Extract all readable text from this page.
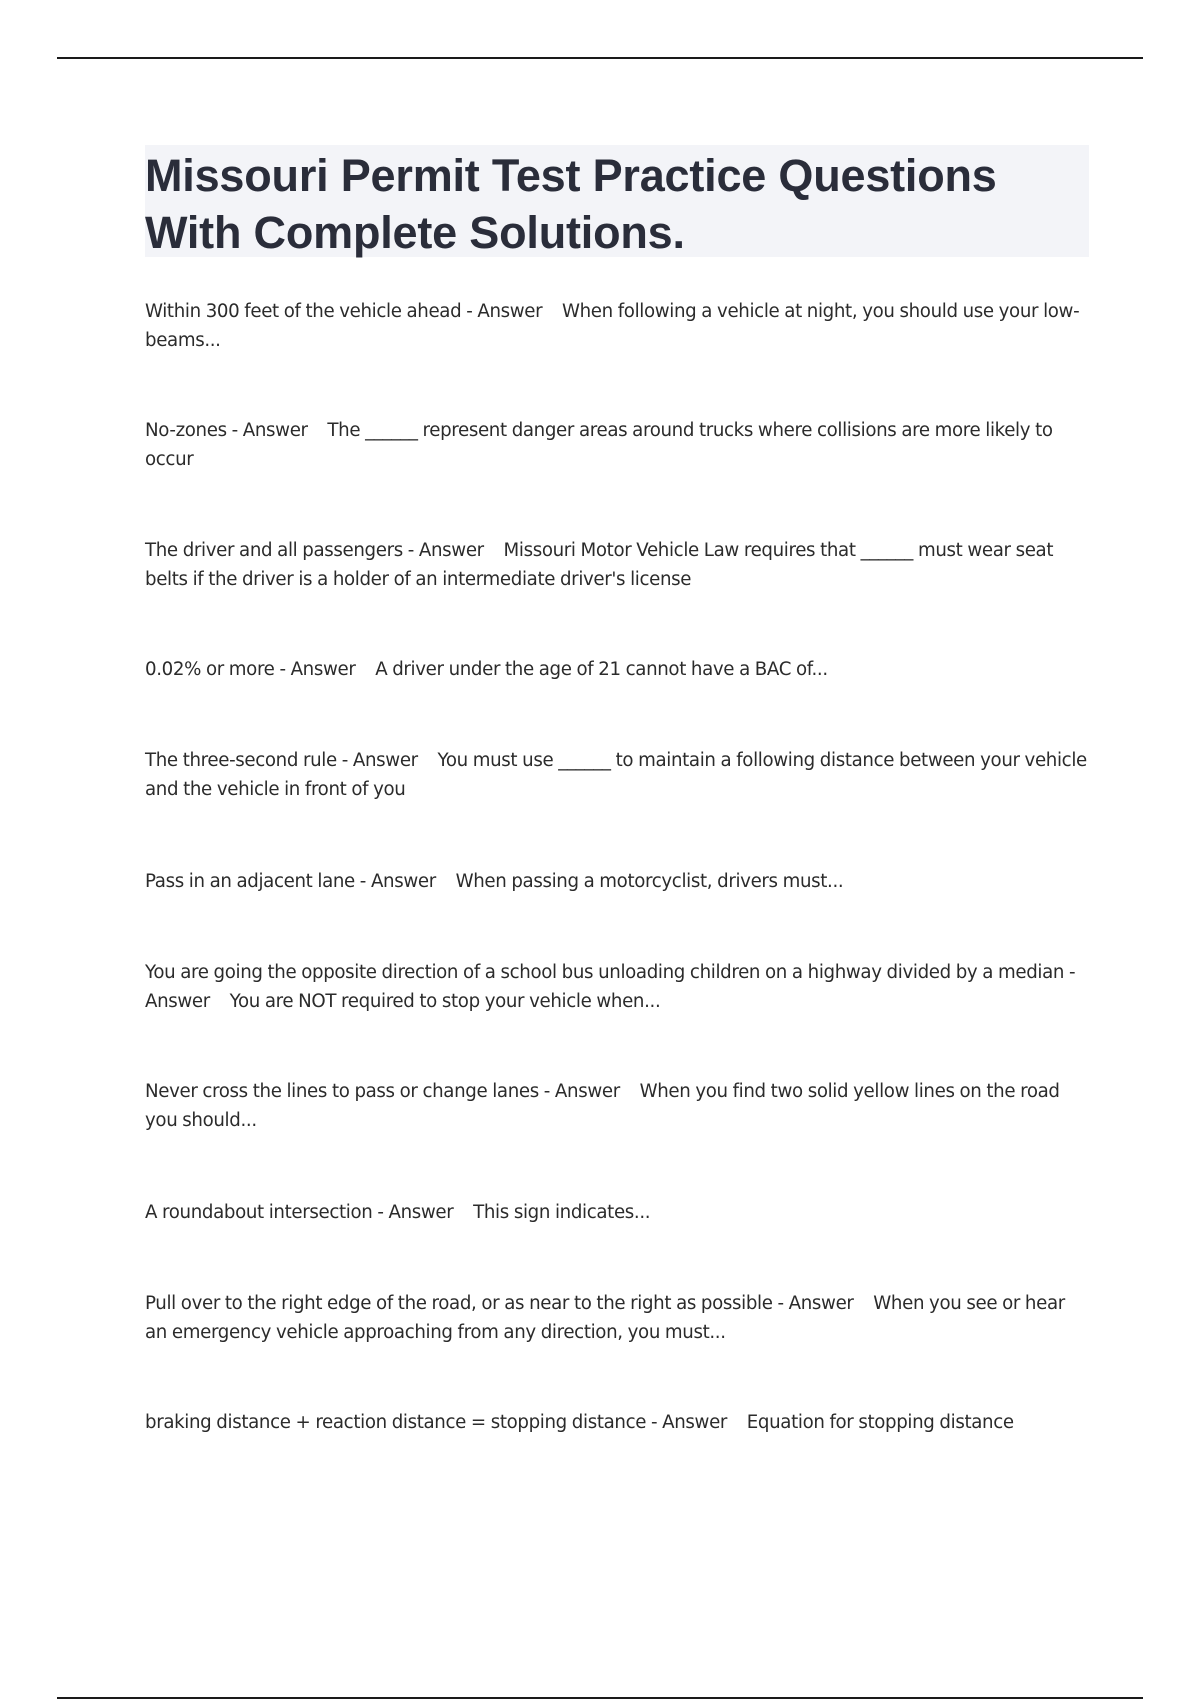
Missouri Permit Test Practice Questions
With Complete Solutions.

Within 300 feet of the vehicle ahead - Answer When following a vehicle at night, you should use your low-beams...

No-zones - Answer The ______ represent danger areas around trucks where collisions are more likely to occur

The driver and all passengers - Answer Missouri Motor Vehicle Law requires that ______ must wear seat belts if the driver is a holder of an intermediate driver's license

0.02% or more - Answer A driver under the age of 21 cannot have a BAC of...

The three-second rule - Answer You must use ______ to maintain a following distance between your vehicle and the vehicle in front of you

Pass in an adjacent lane - Answer When passing a motorcyclist, drivers must...

You are going the opposite direction of a school bus unloading children on a highway divided by a median - Answer You are NOT required to stop your vehicle when...

Never cross the lines to pass or change lanes - Answer When you find two solid yellow lines on the road you should...

A roundabout intersection - Answer This sign indicates...

Pull over to the right edge of the road, or as near to the right as possible - Answer When you see or hear an emergency vehicle approaching from any direction, you must...

braking distance + reaction distance = stopping distance - Answer Equation for stopping distance
